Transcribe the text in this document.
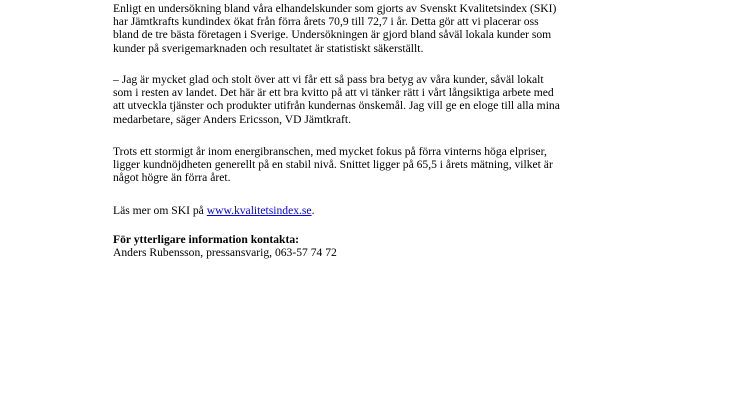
Enligt en undersökning bland våra elhandelskunder som gjorts av Svenskt Kvalitetsindex (SKI)
har Jämtkrafts kundindex ökat från förra årets 70,9 till 72,7 i år. Detta gör att vi placerar oss
bland de tre bästa företagen i Sverige. Undersökningen är gjord bland såväl lokala kunder som
kunder på sverigemarknaden och resultatet är statistiskt säkerställt.

– Jag är mycket glad och stolt över att vi får ett så pass bra betyg av våra kunder, såväl lokalt
som i resten av landet. Det här är ett bra kvitto på att vi tänker rätt i vårt långsiktiga arbete med
att utveckla tjänster och produkter utifrån kundernas önskemål. Jag vill ge en eloge till alla mina
medarbetare, säger Anders Ericsson, VD Jämtkraft.

Trots ett stormigt år inom energibranschen, med mycket fokus på förra vinterns höga elpriser,
ligger kundnöjdheten generellt på en stabil nivå. Snittet ligger på 65,5 i årets mätning, vilket är
något högre än förra året.

Läs mer om SKI på www.kvalitetsindex.se.

För ytterligare information kontakta:
Anders Rubensson, pressansvarig, 063-57 74 72
